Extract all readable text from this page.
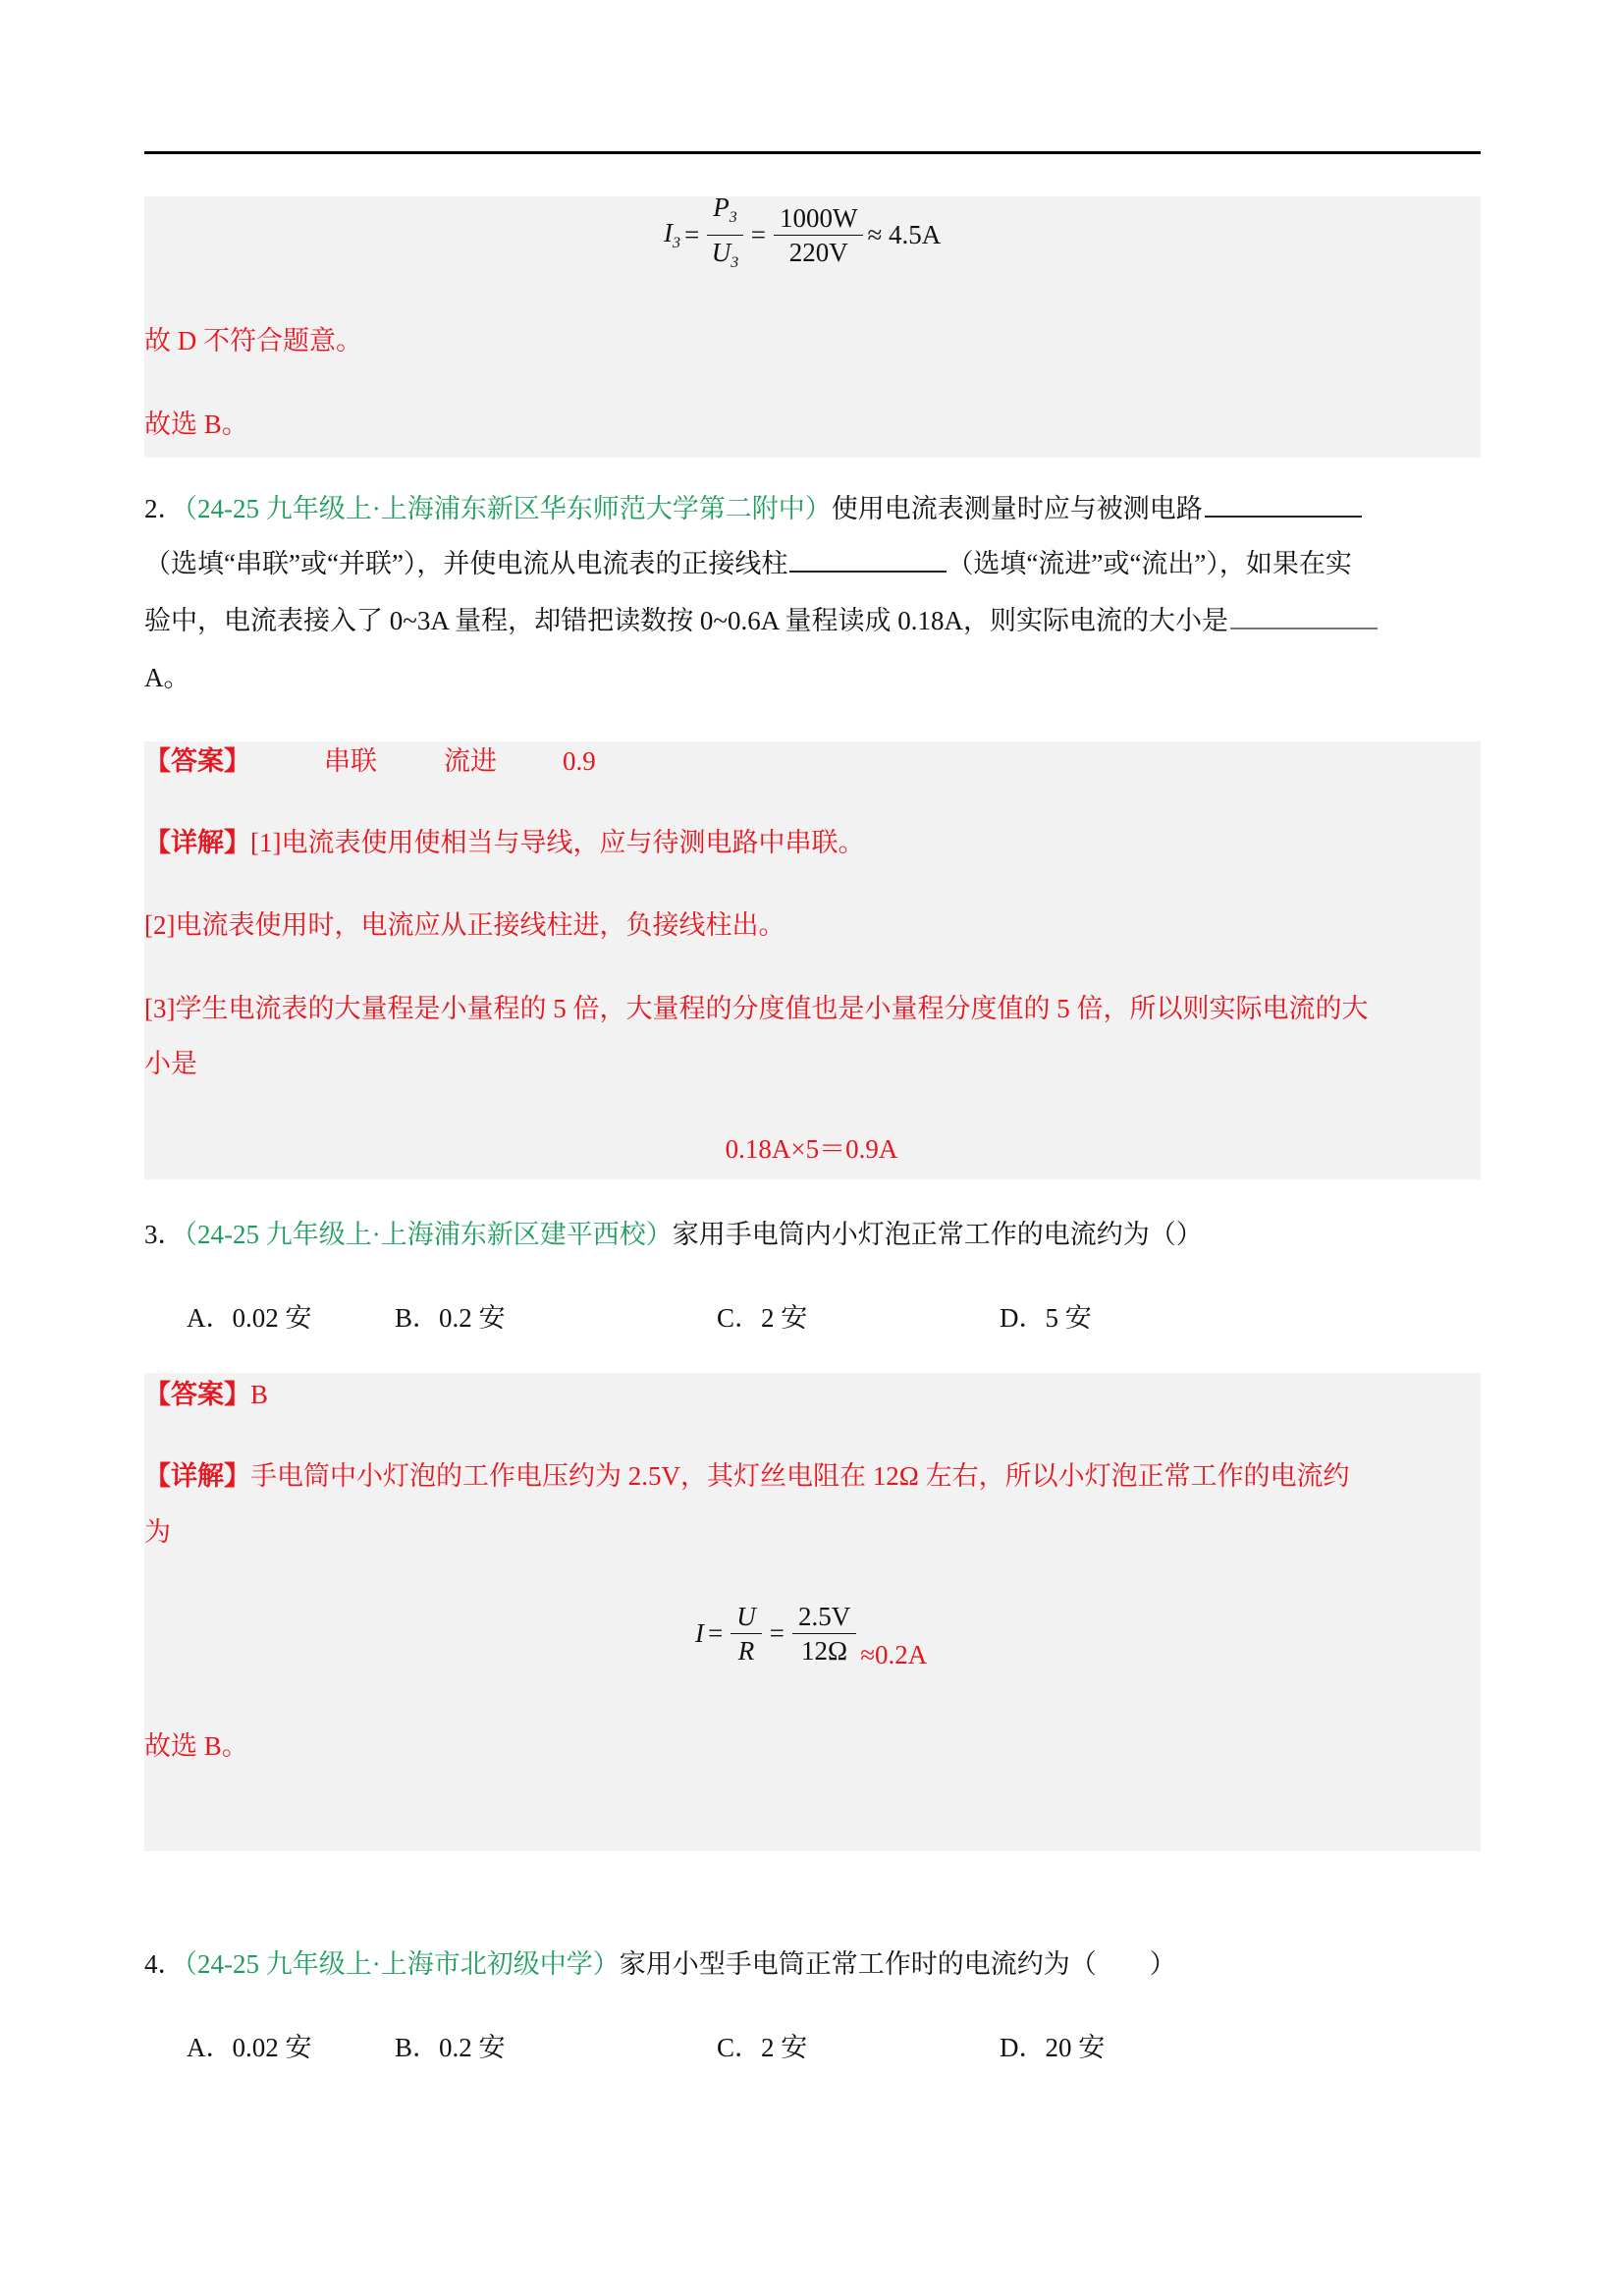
$I_3 = \frac{P_3}{U_3} = \frac{1000W}{220V} \approx 4.5A$
故 D 不符合题意。
故选 B。
2．（24-25 九年级上·上海浦东新区华东师范大学第二附中）使用电流表测量时应与被测电路
（选填“串联”或“并联”），并使电流从电流表的正接线柱	（选填“流进”或“流出”），如果在实
验中，电流表接入了 0~3A 量程，却错把读数按 0~0.6A 量程读成 0.18A，则实际电流的大小是
A。
【答案】	串联	流进 0.9
【详解】[1]电流表使用使相当与导线，应与待测电路中串联。
[2]电流表使用时，电流应从正接线柱进，负接线柱出。
[3]学生电流表的大量程是小量程的 5 倍，大量程的分度值也是小量程分度值的 5 倍，所以则实际电流的大
小是
0.18A×5＝0.9A
3．（24-25 九年级上·上海浦东新区建平西校）家用手电筒内小灯泡正常工作的电流约为（）
A．0.02 安	B．0.2 安	C．2 安	D．5 安
【答案】B
【详解】手电筒中小灯泡的工作电压约为 2.5V，其灯丝电阻在 12Ω 左右，所以小灯泡正常工作的电流约
为
$I = \frac{U}{R} = \frac{2.5V}{12\Omega} \approx 0.2A$
故选 B。
4．（24-25 九年级上·上海市北初级中学）家用小型手电筒正常工作时的电流约为（　　）
A．0.02 安	B．0.2 安	C．2 安	D．20 安
